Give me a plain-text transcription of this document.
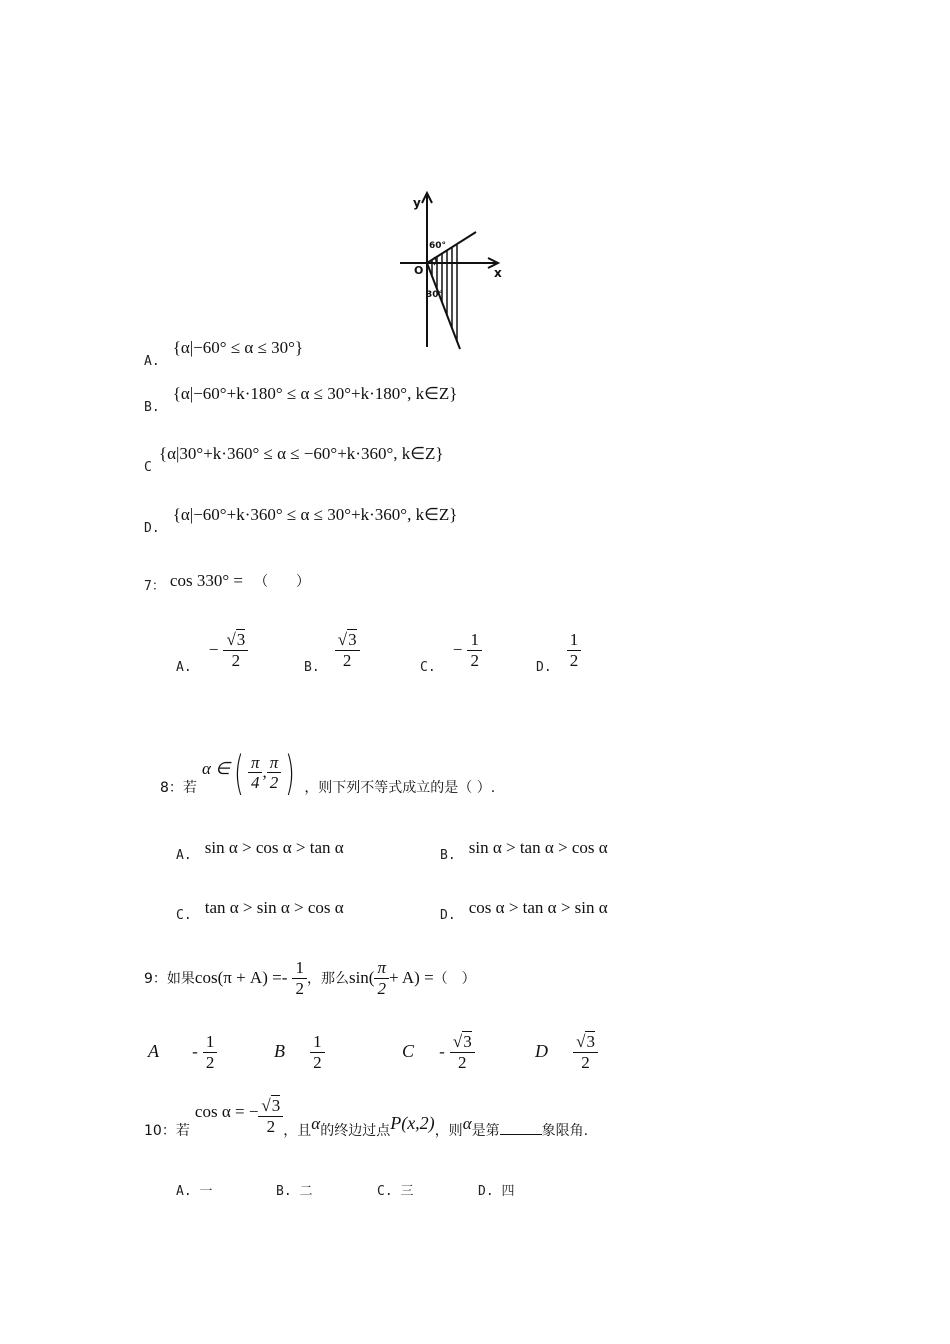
y
x
O
60°
30°
$_{A.}$ {α|−60° ≤ α ≤ 30°}
$_{B.}$ {α|−60°+k·180° ≤ α ≤ 30°+k·180°, k∈Z}
$_C$ {α|30°+k·360° ≤ α ≤ −60°+k·360°, k∈Z}
$_{D.}$ {α|−60°+k·360° ≤ α ≤ 30°+k·360°, k∈Z}
$_{7:}$ cos 330° = （　　）
$_{A.} - \frac{√3}{2}$	$_{B.} \frac{√3}{2}$	$_{C.} - \frac{1}{2}$	$_{D.} \frac{1}{2}$
8：若 α ∈( $\frac{\pi}{4}$ , $\frac{\pi}{2}$ ) ，则下列不等式成立的是（ ）.
$_{A.}$ sin α > cos α > tan α	$_{B.}$ sin α > tan α > cos α
$_{C.}$ tan α > sin α > cos α	$_{D.}$ cos α > tan α > sin α
9：如果$\cos(\pi + A) =- \frac{1}{2}$ ，那么$\sin( \frac{\pi}{2} + A)$ =（　）
A - $\frac{1}{2}$	B $\frac{1}{2}$	C - $\frac{√3}{2}$	D $\frac{√3}{2}$
10：若 cos α = − $\frac{√3}{2}$ ，且α的终边过点P(x,2)，则α是第	象限角.
A. 一	B. 二	C. 三	D. 四
